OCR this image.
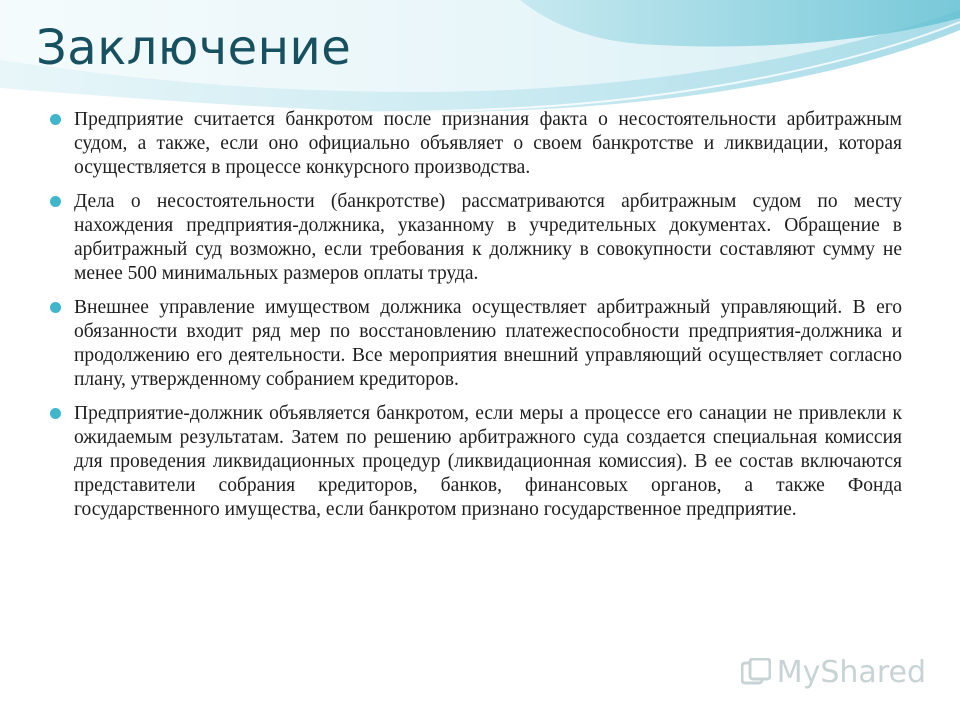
Заключение
Предприятие считается банкротом после признания факта о несостоятельности арбитражным судом, а также, если оно официально объявляет о своем банкротстве и ликвидации, которая осуществляется в процессе конкурсного производства.
Дела о несостоятельности (банкротстве) рассматриваются арбитражным судом по месту нахождения предприятия-должника, указанному в учредительных документах. Обращение в арбитражный суд возможно, если требования к должнику в совокупности составляют сумму не менее 500 минимальных размеров оплаты труда.
Внешнее управление имуществом должника осуществляет арбитражный управляющий. В его обязанности входит ряд мер по восстановлению платежеспособности предприятия-должника и продолжению его деятельности. Все мероприятия внешний управляющий осуществляет согласно плану, утвержденному собранием кредиторов.
Предприятие-должник объявляется банкротом, если меры а процессе его санации не привлекли к ожидаемым результатам. Затем по решению арбитражного суда создается специальная комиссия для проведения ликвидационных процедур (ликвидационная комиссия). В ее состав включаются представители собрания кредиторов, банков, финансовых органов, а также Фонда государственного имущества, если банкротом признано государственное предприятие.
MyShared
